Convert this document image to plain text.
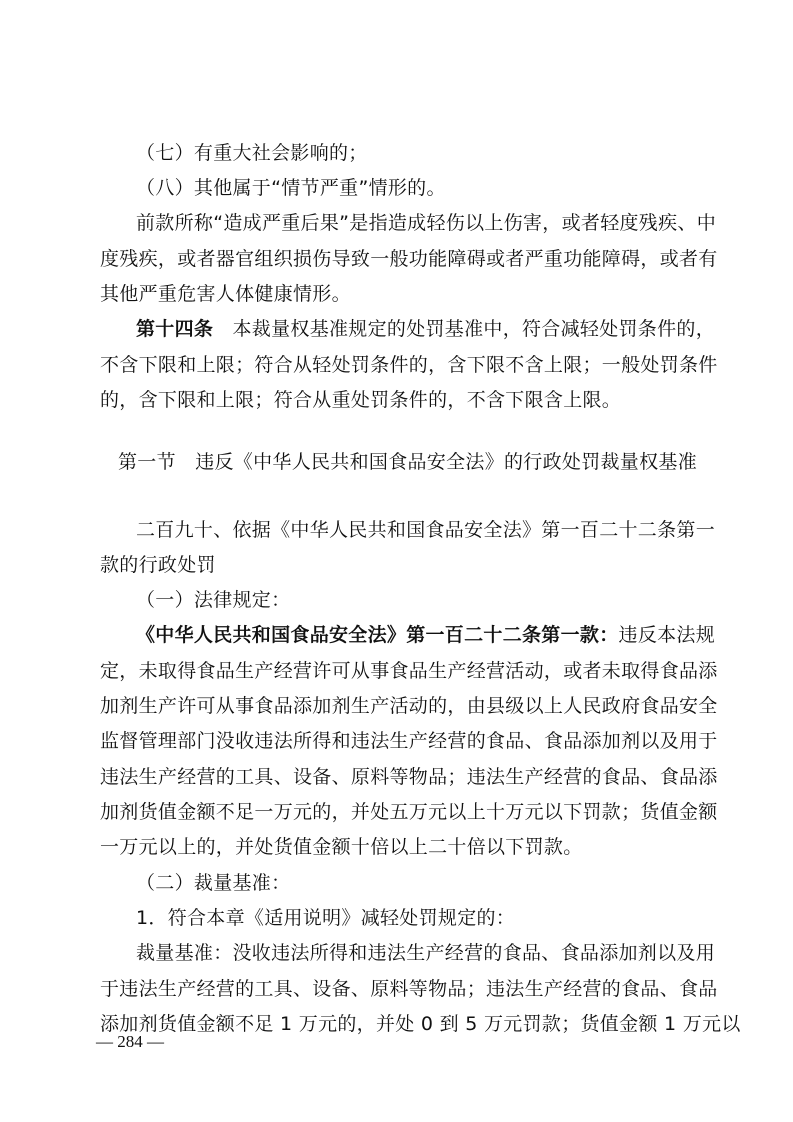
（七）有重大社会影响的；
（八）其他属于“情节严重”情形的。
前款所称“造成严重后果”是指造成轻伤以上伤害，或者轻度残疾、中
度残疾，或者器官组织损伤导致一般功能障碍或者严重功能障碍，或者有
其他严重危害人体健康情形。
第十四条　本裁量权基准规定的处罚基准中，符合减轻处罚条件的，
不含下限和上限；符合从轻处罚条件的，含下限不含上限；一般处罚条件
的，含下限和上限；符合从重处罚条件的，不含下限含上限。
第一节　违反《中华人民共和国食品安全法》的行政处罚裁量权基准
二百九十、依据《中华人民共和国食品安全法》第一百二十二条第一
款的行政处罚
（一）法律规定：
《中华人民共和国食品安全法》第一百二十二条第一款：违反本法规
定，未取得食品生产经营许可从事食品生产经营活动，或者未取得食品添
加剂生产许可从事食品添加剂生产活动的，由县级以上人民政府食品安全
监督管理部门没收违法所得和违法生产经营的食品、食品添加剂以及用于
违法生产经营的工具、设备、原料等物品；违法生产经营的食品、食品添
加剂货值金额不足一万元的，并处五万元以上十万元以下罚款；货值金额
一万元以上的，并处货值金额十倍以上二十倍以下罚款。
（二）裁量基准：
1．符合本章《适用说明》减轻处罚规定的：
裁量基准：没收违法所得和违法生产经营的食品、食品添加剂以及用
于违法生产经营的工具、设备、原料等物品；违法生产经营的食品、食品
添加剂货值金额不足 1 万元的，并处 0 到 5 万元罚款；货值金额 1 万元以
— 284 —
